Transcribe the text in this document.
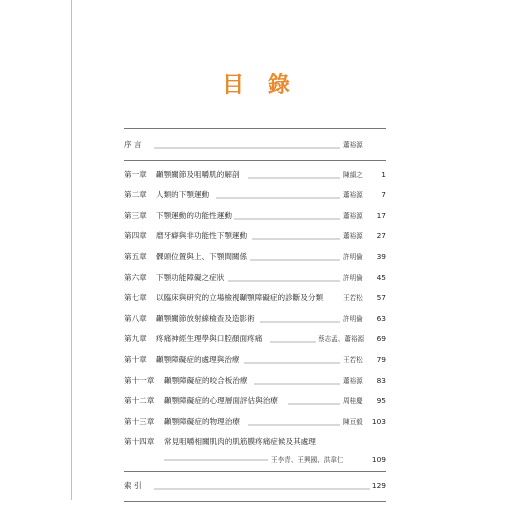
目 錄
序 言	蕭裕源
第一章 顳顎關節及咀嚼肌的解剖	陳韻之	1
第二章 人類的下顎運動	蕭裕源	7
第三章 下顎運動的功能性運動	蕭裕源	17
第四章 磨牙癖與非功能性下顎運動	蕭裕源	27
第五章 髁頭位置與上、下顎間關係	許明倫	39
第六章 下顎功能障礙之症狀	許明倫	45
第七章 以臨床與研究的立場檢視顳顎障礙症的診斷及分類	王若松	57
第八章 顳顎關節放射線檢查及造影術	許明倫	63
第九章 疼痛神經生理學與口腔顏面疼痛	蔡志孟、蕭裕源	69
第十章 顳顎障礙症的處理與治療	王若松	79
第十一章 顳顎障礙症的咬合板治療	蕭裕源	83
第十二章 顳顎障礙症的心理層面評估與治療	周桂慶	95
第十三章 顳顎障礙症的物理治療	陳亘毅 103
第十四章 常見咀嚼相關肌肉的肌筋膜疼痛症候及其處理
王李青、王興國、洪韋仁	109
索 引	129
